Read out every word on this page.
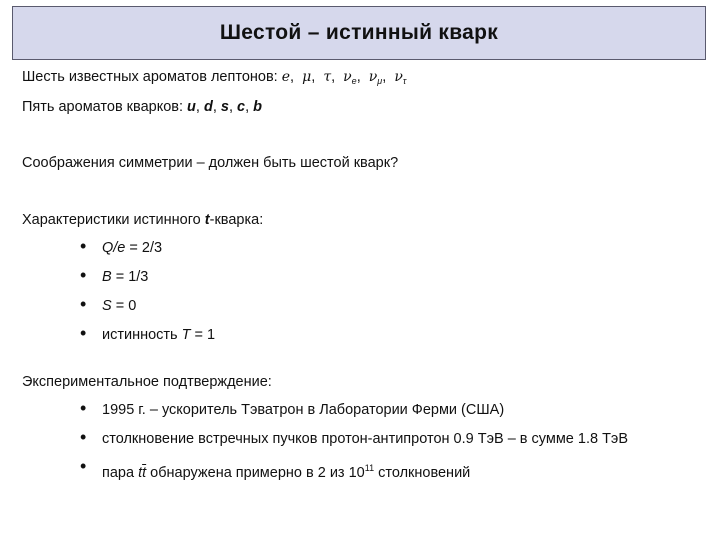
Шестой – истинный кварк
Шесть известных ароматов лептонов: e,  μ,  τ,  $\nu_e$,  $\nu_\mu$,  $\nu_\tau$
Пять ароматов кварков: u, d, s, c, b
Соображения симметрии – должен быть шестой кварк?
Характеристики истинного t-кварка:
• Q/e = 2/3
• B = 1/3
• S = 0
• истинность T = 1
Экспериментальное подтверждение:
• 1995 г. – ускоритель Тэватрон в Лаборатории Ферми (США)
• столкновение встречных пучков протон-антипротон 0.9 ТэВ – в сумме 1.8 ТэВ
• пара $t\overline{t}$ обнаружена примерно в 2 из $10^{11}$ столкновений
